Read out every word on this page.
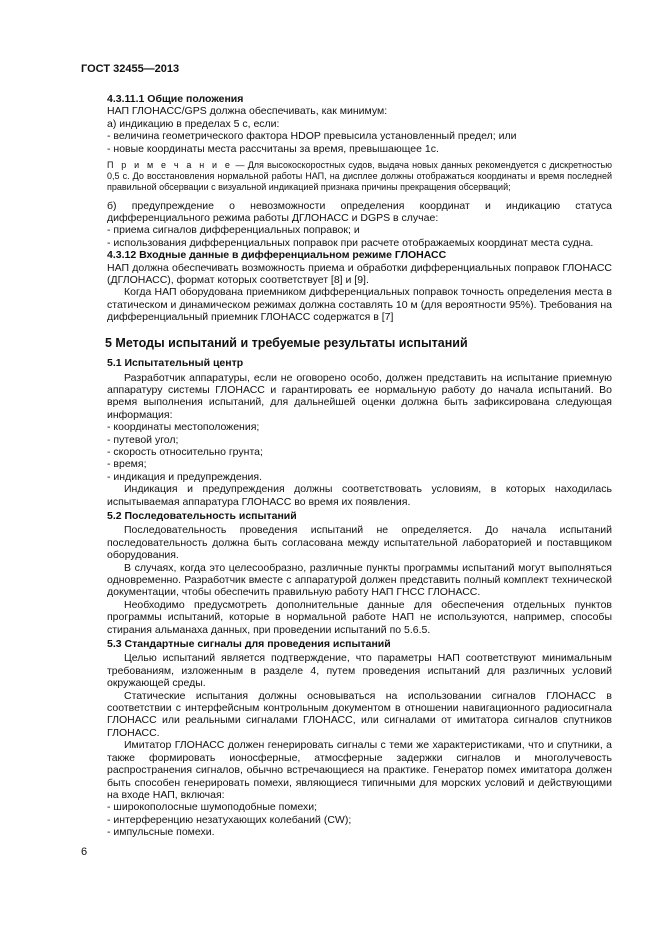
ГОСТ 32455—2013

4.3.11.1 Общие положения

НАП ГЛОНАСС/GPS должна обеспечивать, как минимум:

а) индикацию в пределах 5 с, если:

- величина геометрического фактора HDOP превысила установленный предел; или

- новые координаты места рассчитаны за время, превышающее 1с.

П р и м е ч а н и е — Для высокоскоростных судов, выдача новых данных рекомендуется с дискретностью 0,5 с. До восстановления нормальной работы НАП, на дисплее должны отображаться координаты и время последней правильной обсервации с визуальной индикацией признака причины прекращения обсерваций;

б) предупреждение о невозможности определения координат и индикацию статуса дифференциального режима работы ДГЛОНАСС и DGPS в случае:

- приема сигналов дифференциальных поправок; и

- использования дифференциальных поправок при расчете отображаемых координат места судна.

4.3.12 Входные данные в дифференциальном режиме ГЛОНАСС

НАП должна обеспечивать возможность приема и обработки дифференциальных поправок ГЛОНАСС (ДГЛОНАСС), формат которых соответствует [8] и [9].

Когда НАП оборудована приемником дифференциальных поправок точность определения места в статическом и динамическом режимах должна составлять 10 м (для вероятности 95%). Требования на дифференциальный приемник ГЛОНАСС содержатся в [7]

5 Методы испытаний и требуемые результаты испытаний

5.1 Испытательный центр

Разработчик аппаратуры, если не оговорено особо, должен представить на испытание приемную аппаратуру системы ГЛОНАСС и гарантировать ее нормальную работу до начала испытаний. Во время выполнения испытаний, для дальнейшей оценки должна быть зафиксирована следующая информация:

- координаты местоположения;

- путевой угол;

- скорость относительно грунта;

- время;

- индикация и предупреждения.

Индикация и предупреждения должны соответствовать условиям, в которых находилась испытываемая аппаратура ГЛОНАСС во время их появления.

5.2 Последовательность испытаний

Последовательность проведения испытаний не определяется. До начала испытаний последовательность должна быть согласована между испытательной лабораторией и поставщиком оборудования.

В случаях, когда это целесообразно, различные пункты программы испытаний могут выполняться одновременно. Разработчик вместе с аппаратурой должен представить полный комплект технической документации, чтобы обеспечить правильную работу НАП ГНСС ГЛОНАСС.

Необходимо предусмотреть дополнительные данные для обеспечения отдельных пунктов программы испытаний, которые в нормальной работе НАП не используются, например, способы стирания альманаха данных, при проведении испытаний по 5.6.5.

5.3 Стандартные сигналы для проведения испытаний

Целью испытаний является подтверждение, что параметры НАП соответствуют минимальным требованиям, изложенным в разделе 4, путем проведения испытаний для различных условий окружающей среды.

Статические испытания должны основываться на использовании сигналов ГЛОНАСС в соответствии с интерфейсным контрольным документом в отношении навигационного радиосигнала ГЛОНАСС или реальными сигналами ГЛОНАСС, или сигналами от имитатора сигналов спутников ГЛОНАСС.

Имитатор ГЛОНАСС должен генерировать сигналы с теми же характеристиками, что и спутники, а также формировать ионосферные, атмосферные задержки сигналов и многолучевость распространения сигналов, обычно встречающиеся на практике. Генератор помех имитатора должен быть способен генерировать помехи, являющиеся типичными для морских условий и действующими на входе НАП, включая:

- широкополосные шумоподобные помехи;

- интерференцию незатухающих колебаний (CW);

- импульсные помехи.

6
